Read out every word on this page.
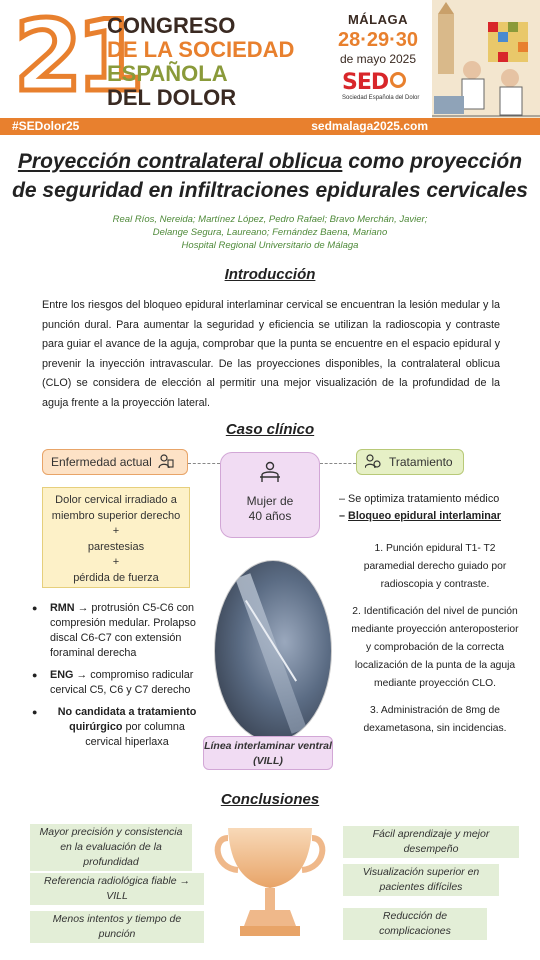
21
CONGRESO
DE LA SOCIEDAD
ESPAÑOLA
DEL DOLOR
MÁLAGA
28·29·30
de mayo 2025
SED
Sociedad Española del Dolor
#SEDolor25	sedmalaga2025.com
Proyección contralateral oblicua como proyección de seguridad en infiltraciones epidurales cervicales
Real Ríos, Nereida; Martínez López, Pedro Rafael; Bravo Merchán, Javier;
Delange Segura, Laureano; Fernández Baena, Mariano
Hospital Regional Universitario de Málaga
Introducción
Entre los riesgos del bloqueo epidural interlaminar cervical se encuentran la lesión medular y la punción dural. Para aumentar la seguridad y eficiencia se utilizan la radioscopia y contraste para guiar el avance de la aguja, comprobar que la punta se encuentre en el espacio epidural y prevenir la inyección intravascular. De las proyecciones disponibles, la contralateral oblicua (CLO) se considera de elección al permitir una mejor visualización de la profundidad de la aguja frente a la proyección lateral.
Caso clínico
Enfermedad actual	Tratamiento
Mujer de
40 años
Dolor cervical irradiado a
miembro superior derecho
+
parestesias
+
pérdida de fuerza
● RMN → protrusión C5-C6 con compresión medular. Prolapso discal C6-C7 con extensión foraminal derecha
● ENG → compromiso radicular cervical C5, C6 y C7 derecho
● No candidata a tratamiento quirúrgico por columna cervical hiperlaxa	Línea interlaminar ventral
(VILL)
– Se optimiza tratamiento médico
– Bloqueo epidural interlaminar
1. Punción epidural T1- T2 paramedial derecho guiado por radioscopia y contraste.
2. Identificación del nivel de punción mediante proyección anteroposterior y comprobación de la correcta localización de la punta de la aguja mediante proyección CLO.
3. Administración de 8mg de dexametasona, sin incidencias.
Conclusiones
Mayor precisión y consistencia en la evaluación de la profundidad
Referencia radiológica fiable → VILL
Menos intentos y tiempo de punción
Fácil aprendizaje y mejor desempeño
Visualización superior en pacientes difíciles
Reducción de complicaciones
